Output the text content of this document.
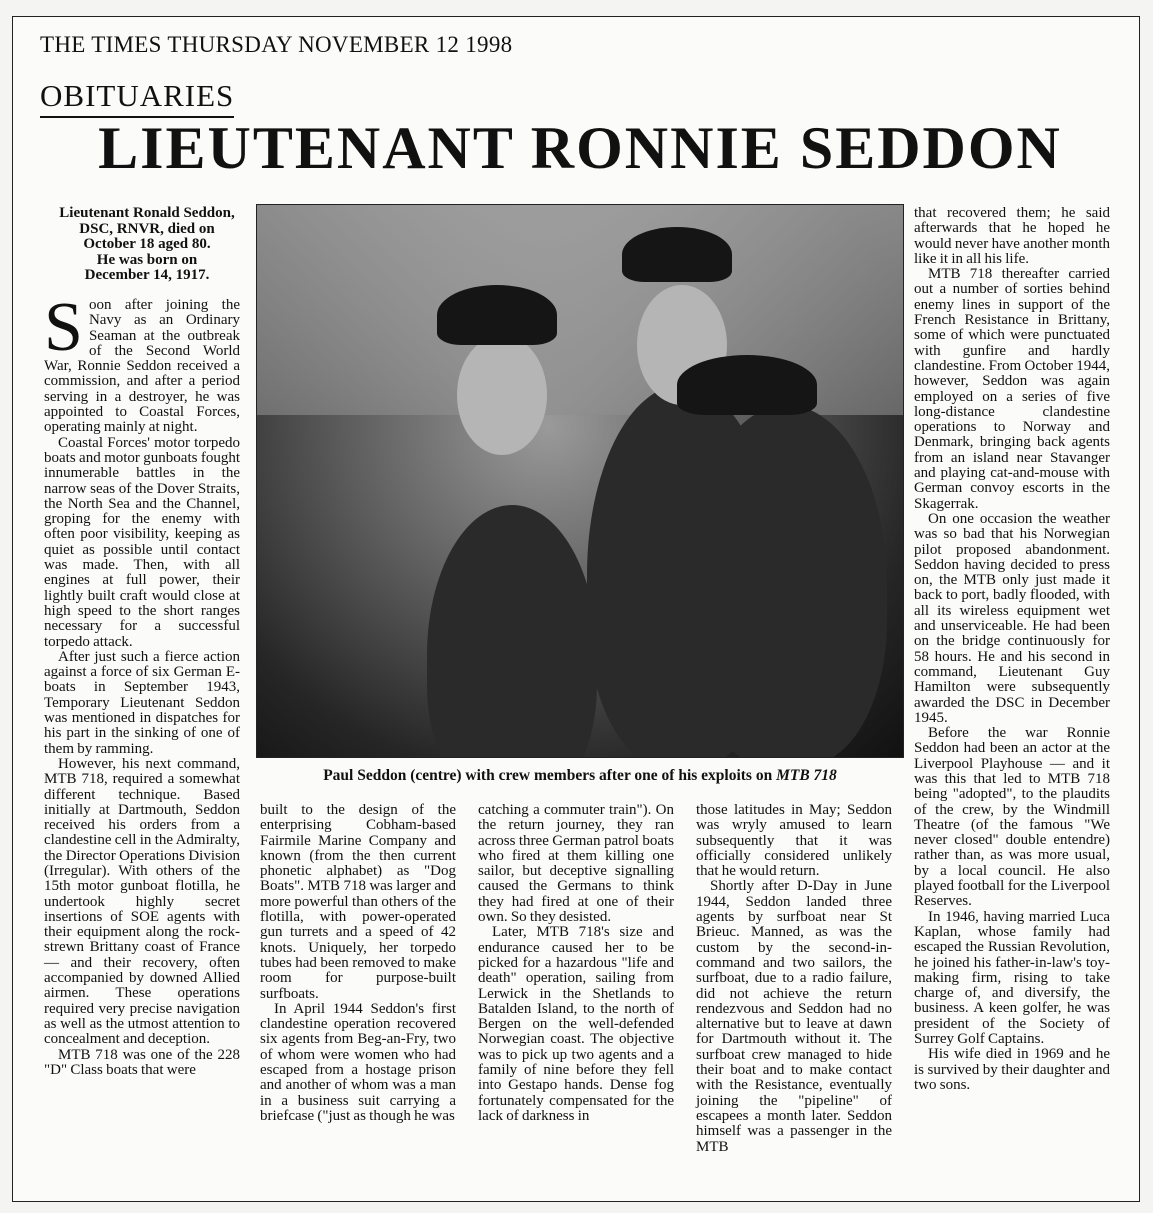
THE TIMES THURSDAY NOVEMBER 12 1998
OBITUARIES
LIEUTENANT RONNIE SEDDON
Lieutenant Ronald Seddon,
DSC, RNVR, died on
October 18 aged 80.
He was born on
December 14, 1917.

Soon after joining the Navy as an Ordinary Seaman at the outbreak of the Second World War, Ronnie Seddon received a commission, and after a period serving in a destroyer, he was appointed to Coastal Forces, operating mainly at night.

Coastal Forces' motor torpedo boats and motor gunboats fought innumerable battles in the narrow seas of the Dover Straits, the North Sea and the Channel, groping for the enemy with often poor visibility, keeping as quiet as possible until contact was made. Then, with all engines at full power, their lightly built craft would close at high speed to the short ranges necessary for a successful torpedo attack.

After just such a fierce action against a force of six German E-boats in September 1943, Temporary Lieutenant Seddon was mentioned in dispatches for his part in the sinking of one of them by ramming.

However, his next command, MTB 718, required a somewhat different technique. Based initially at Dartmouth, Seddon received his orders from a clandestine cell in the Admiralty, the Director Operations Division (Irregular). With others of the 15th motor gunboat flotilla, he undertook highly secret insertions of SOE agents with their equipment along the rock-strewn Brittany coast of France — and their recovery, often accompanied by downed Allied airmen. These operations required very precise navigation as well as the utmost attention to concealment and deception.

MTB 718 was one of the 228 "D" Class boats that were

Paul Seddon (centre) with crew members after one of his exploits on MTB 718

built to the design of the enterprising Cobham-based Fairmile Marine Company and known (from the then current phonetic alphabet) as "Dog Boats". MTB 718 was larger and more powerful than others of the flotilla, with power-operated gun turrets and a speed of 42 knots. Uniquely, her torpedo tubes had been removed to make room for purpose-built surfboats.

In April 1944 Seddon's first clandestine operation recovered six agents from Beg-an-Fry, two of whom were women who had escaped from a hostage prison and another of whom was a man in a business suit carrying a briefcase ("just as though he was

catching a commuter train"). On the return journey, they ran across three German patrol boats who fired at them killing one sailor, but deceptive signalling caused the Germans to think they had fired at one of their own. So they desisted.

Later, MTB 718's size and endurance caused her to be picked for a hazardous "life and death" operation, sailing from Lerwick in the Shetlands to Batalden Island, to the north of Bergen on the well-defended Norwegian coast. The objective was to pick up two agents and a family of nine before they fell into Gestapo hands. Dense fog fortunately compensated for the lack of darkness in

those latitudes in May; Seddon was wryly amused to learn subsequently that it was officially considered unlikely that he would return.

Shortly after D-Day in June 1944, Seddon landed three agents by surfboat near St Brieuc. Manned, as was the custom by the second-in-command and two sailors, the surfboat, due to a radio failure, did not achieve the return rendezvous and Seddon had no alternative but to leave at dawn for Dartmouth without it. The surfboat crew managed to hide their boat and to make contact with the Resistance, eventually joining the "pipeline" of escapees a month later. Seddon himself was a passenger in the MTB

that recovered them; he said afterwards that he hoped he would never have another month like it in all his life.

MTB 718 thereafter carried out a number of sorties behind enemy lines in support of the French Resistance in Brittany, some of which were punctuated with gunfire and hardly clandestine. From October 1944, however, Seddon was again employed on a series of five long-distance clandestine operations to Norway and Denmark, bringing back agents from an island near Stavanger and playing cat-and-mouse with German convoy escorts in the Skagerrak.

On one occasion the weather was so bad that his Norwegian pilot proposed abandonment. Seddon having decided to press on, the MTB only just made it back to port, badly flooded, with all its wireless equipment wet and unserviceable. He had been on the bridge continuously for 58 hours. He and his second in command, Lieutenant Guy Hamilton were subsequently awarded the DSC in December 1945.

Before the war Ronnie Seddon had been an actor at the Liverpool Playhouse — and it was this that led to MTB 718 being "adopted", to the plaudits of the crew, by the Windmill Theatre (of the famous "We never closed" double entendre) rather than, as was more usual, by a local council. He also played football for the Liverpool Reserves.

In 1946, having married Luca Kaplan, whose family had escaped the Russian Revolution, he joined his father-in-law's toy-making firm, rising to take charge of, and diversify, the business. A keen golfer, he was president of the Society of Surrey Golf Captains.

His wife died in 1969 and he is survived by their daughter and two sons.
